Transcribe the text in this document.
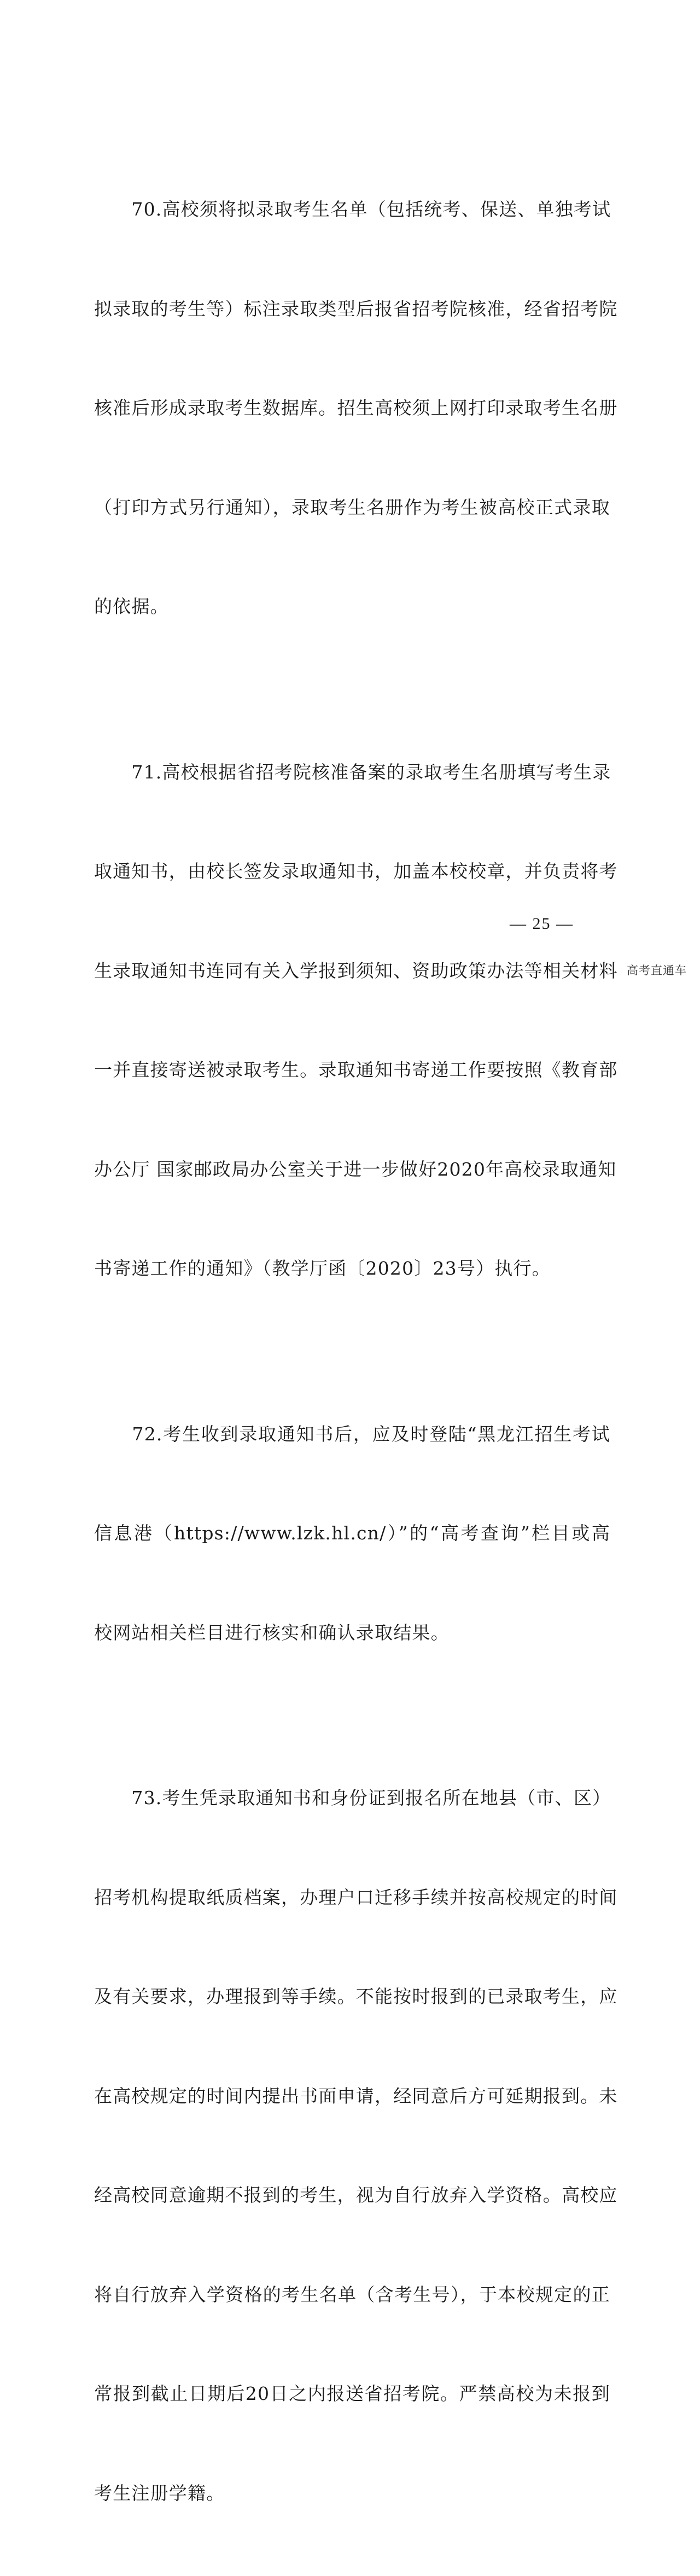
　　70.高校须将拟录取考生名单（包括统考、保送、单独考试

拟录取的考生等）标注录取类型后报省招考院核准，经省招考院

核准后形成录取考生数据库。招生高校须上网打印录取考生名册

（打印方式另行通知），录取考生名册作为考生被高校正式录取

的依据。

　　71.高校根据省招考院核准备案的录取考生名册填写考生录

取通知书，由校长签发录取通知书，加盖本校校章，并负责将考

生录取通知书连同有关入学报到须知、资助政策办法等相关材料

一并直接寄送被录取考生。录取通知书寄递工作要按照《教育部

办公厅 国家邮政局办公室关于进一步做好2020年高校录取通知

书寄递工作的通知》（教学厅函〔2020〕23号）执行。

　　72.考生收到录取通知书后，应及时登陆“黑龙江招生考试

信息港（https://www.lzk.hl.cn/）”的“高考查询”栏目或高

校网站相关栏目进行核实和确认录取结果。

　　73.考生凭录取通知书和身份证到报名所在地县（市、区）

招考机构提取纸质档案，办理户口迁移手续并按高校规定的时间

及有关要求，办理报到等手续。不能按时报到的已录取考生，应

在高校规定的时间内提出书面申请，经同意后方可延期报到。未

经高校同意逾期不报到的考生，视为自行放弃入学资格。高校应

将自行放弃入学资格的考生名单（含考生号），于本校规定的正

常报到截止日期后20日之内报送省招考院。严禁高校为未报到

考生注册学籍。

— 25 —
高考直通车
